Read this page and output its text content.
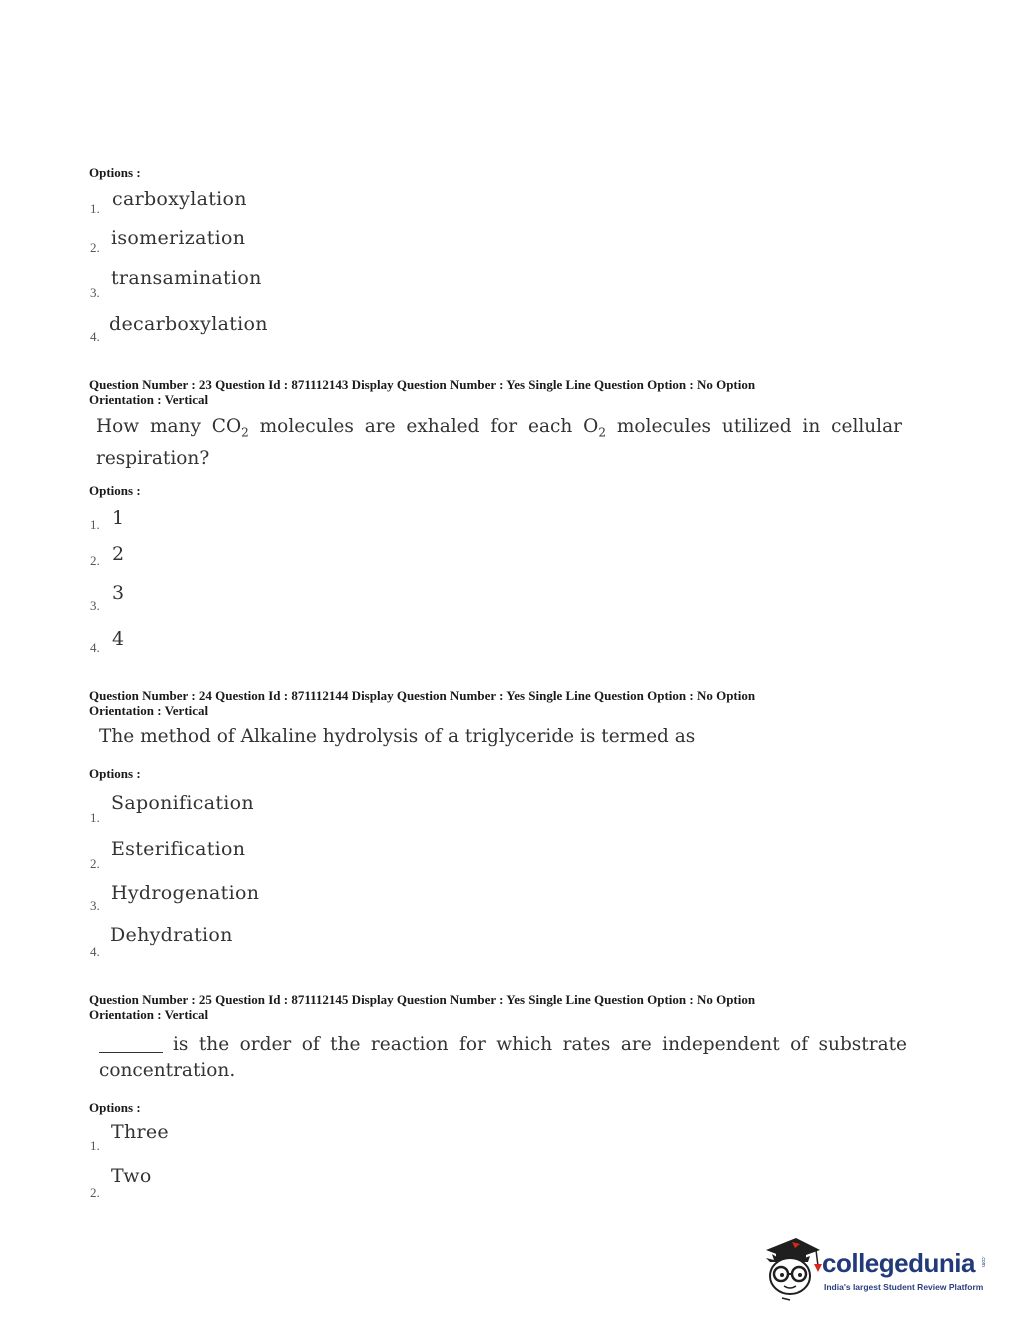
Options :
1. carboxylation
2. isomerization
3.
transamination
4.
decarboxylation
Question Number : 23 Question Id : 871112143 Display Question Number : Yes Single Line Question Option : No Option
Orientation : Vertical
How many $CO_2$ molecules are exhaled for each $O_2$ molecules utilized in cellular respiration?
Options :
1. 1
2. 2
3.
3
4. 4
Question Number : 24 Question Id : 871112144 Display Question Number : Yes Single Line Question Option : No Option
Orientation : Vertical
The method of Alkaline hydrolysis of a triglyceride is termed as
Options :
1.
Saponification
2.
Esterification
3.
Hydrogenation
4.
Dehydration
Question Number : 25 Question Id : 871112145 Display Question Number : Yes Single Line Question Option : No Option
Orientation : Vertical
is the order of the reaction for which rates are independent of substrate concentration.
Options :
1.
Three
2.
Two
collegedunia .com
India's largest Student Review Platform
